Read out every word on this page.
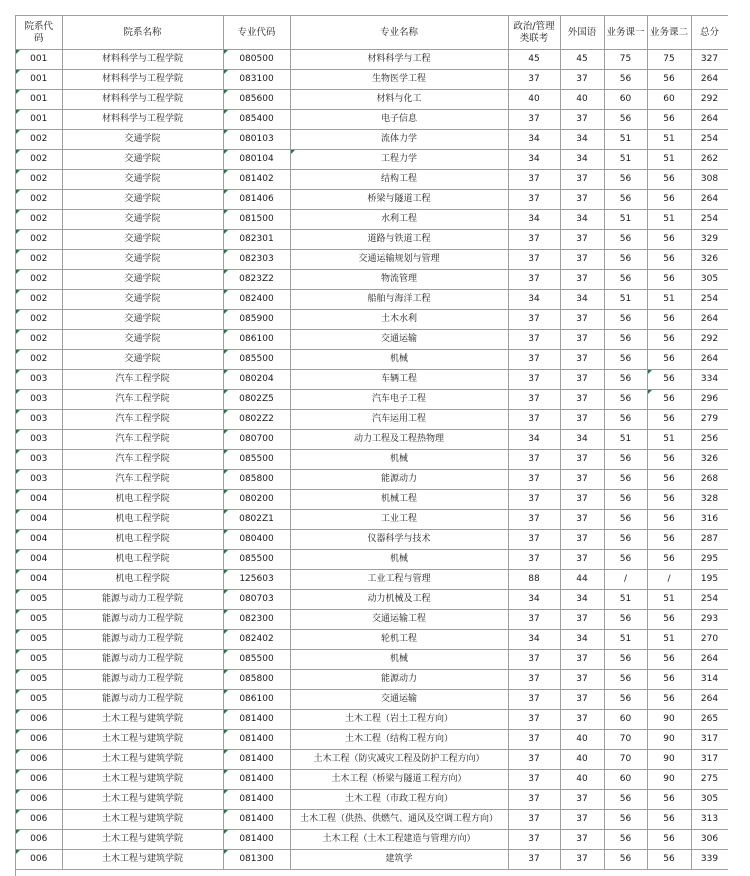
院系代码	院系名称	专业代码	专业名称	政治/管理类联考	外国语	业务课一	业务课二	总分
001	材料科学与工程学院	080500	材料科学与工程	45	45	75	75	327
001	材料科学与工程学院	083100	生物医学工程	37	37	56	56	264
001	材料科学与工程学院	085600	材料与化工	40	40	60	60	292
001	材料科学与工程学院	085400	电子信息	37	37	56	56	264
002	交通学院	080103	流体力学	34	34	51	51	254
002	交通学院	080104	工程力学	34	34	51	51	262
002	交通学院	081402	结构工程	37	37	56	56	308
002	交通学院	081406	桥梁与隧道工程	37	37	56	56	264
002	交通学院	081500	水利工程	34	34	51	51	254
002	交通学院	082301	道路与铁道工程	37	37	56	56	329
002	交通学院	082303	交通运输规划与管理	37	37	56	56	326
002	交通学院	0823Z2	物流管理	37	37	56	56	305
002	交通学院	082400	船舶与海洋工程	34	34	51	51	254
002	交通学院	085900	土木水利	37	37	56	56	264
002	交通学院	086100	交通运输	37	37	56	56	292
002	交通学院	085500	机械	37	37	56	56	264
003	汽车工程学院	080204	车辆工程	37	37	56	56	334
003	汽车工程学院	0802Z5	汽车电子工程	37	37	56	56	296
003	汽车工程学院	0802Z2	汽车运用工程	37	37	56	56	279
003	汽车工程学院	080700	动力工程及工程热物理	34	34	51	51	256
003	汽车工程学院	085500	机械	37	37	56	56	326
003	汽车工程学院	085800	能源动力	37	37	56	56	268
004	机电工程学院	080200	机械工程	37	37	56	56	328
004	机电工程学院	0802Z1	工业工程	37	37	56	56	316
004	机电工程学院	080400	仪器科学与技术	37	37	56	56	287
004	机电工程学院	085500	机械	37	37	56	56	295
004	机电工程学院	125603	工业工程与管理	88	44	/	/	195
005	能源与动力工程学院	080703	动力机械及工程	34	34	51	51	254
005	能源与动力工程学院	082300	交通运输工程	37	37	56	56	293
005	能源与动力工程学院	082402	轮机工程	34	34	51	51	270
005	能源与动力工程学院	085500	机械	37	37	56	56	264
005	能源与动力工程学院	085800	能源动力	37	37	56	56	314
005	能源与动力工程学院	086100	交通运输	37	37	56	56	264
006	土木工程与建筑学院	081400	土木工程（岩土工程方向）	37	37	60	90	265
006	土木工程与建筑学院	081400	土木工程（结构工程方向）	37	40	70	90	317
006	土木工程与建筑学院	081400	土木工程（防灾减灾工程及防护工程方向）	37	40	70	90	317
006	土木工程与建筑学院	081400	土木工程（桥梁与隧道工程方向）	37	40	60	90	275
006	土木工程与建筑学院	081400	土木工程（市政工程方向）	37	37	56	56	305
006	土木工程与建筑学院	081400	土木工程（供热、供燃气、通风及空调工程方向）	37	37	56	56	313
006	土木工程与建筑学院	081400	土木工程（土木工程建造与管理方向）	37	37	56	56	306
006	土木工程与建筑学院	081300	建筑学	37	37	56	56	339
